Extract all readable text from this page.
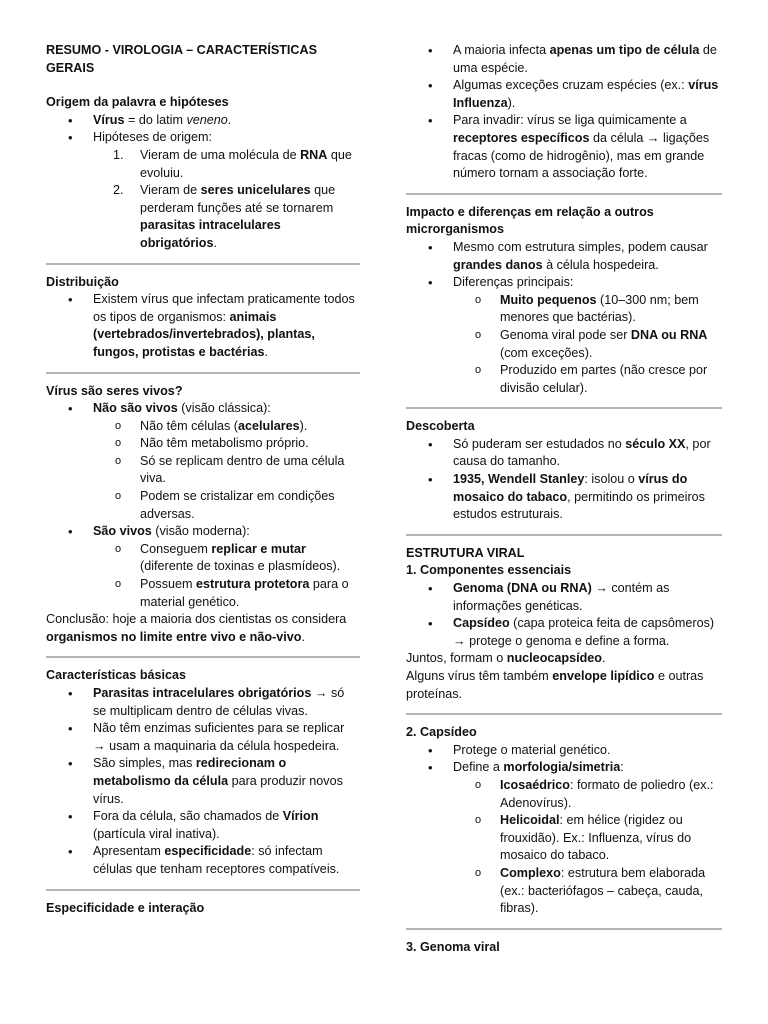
RESUMO - VIROLOGIA – CARACTERÍSTICAS GERAIS

Origem da palavra e hipóteses

• Vírus = do latim veneno.
• Hipóteses de origem:
1. Vieram de uma molécula de RNA que evoluiu.
2. Vieram de seres unicelulares que perderam funções até se tornarem parasitas intracelulares obrigatórios.

Distribuição

• Existem vírus que infectam praticamente todos os tipos de organismos: animais (vertebrados/invertebrados), plantas, fungos, protistas e bactérias.

Vírus são seres vivos?

• Não são vivos (visão clássica):
o Não têm células (acelulares).
o Não têm metabolismo próprio.
o Só se replicam dentro de uma célula viva.
o Podem se cristalizar em condições adversas.
• São vivos (visão moderna):
o Conseguem replicar e mutar (diferente de toxinas e plasmídeos).
o Possuem estrutura protetora para o material genético.

Conclusão: hoje a maioria dos cientistas os considera organismos no limite entre vivo e não-vivo.

Características básicas

• Parasitas intracelulares obrigatórios → só se multiplicam dentro de células vivas.
• Não têm enzimas suficientes para se replicar → usam a maquinaria da célula hospedeira.
• São simples, mas redirecionam o metabolismo da célula para produzir novos vírus.
• Fora da célula, são chamados de Vírion (partícula viral inativa).
• Apresentam especificidade: só infectam células que tenham receptores compatíveis.

Especificidade e interação

• A maioria infecta apenas um tipo de célula de uma espécie.
• Algumas exceções cruzam espécies (ex.: vírus Influenza).
• Para invadir: vírus se liga quimicamente a receptores específicos da célula → ligações fracas (como de hidrogênio), mas em grande número tornam a associação forte.

Impacto e diferenças em relação a outros microrganismos

• Mesmo com estrutura simples, podem causar grandes danos à célula hospedeira.
• Diferenças principais:
o Muito pequenos (10–300 nm; bem menores que bactérias).
o Genoma viral pode ser DNA ou RNA (com exceções).
o Produzido em partes (não cresce por divisão celular).

Descoberta

• Só puderam ser estudados no século XX, por causa do tamanho.
• 1935, Wendell Stanley: isolou o vírus do mosaico do tabaco, permitindo os primeiros estudos estruturais.

ESTRUTURA VIRAL

1. Componentes essenciais

• Genoma (DNA ou RNA) → contém as informações genéticas.
• Capsídeo (capa proteica feita de capsômeros) → protege o genoma e define a forma.

Juntos, formam o nucleocapsídeo.

Alguns vírus têm também envelope lipídico e outras proteínas.

2. Capsídeo

• Protege o material genético.
• Define a morfologia/simetria:
o Icosaédrico: formato de poliedro (ex.: Adenovírus).
o Helicoidal: em hélice (rigidez ou frouxidão). Ex.: Influenza, vírus do mosaico do tabaco.
o Complexo: estrutura bem elaborada (ex.: bacteriófagos – cabeça, cauda, fibras).

3. Genoma viral
